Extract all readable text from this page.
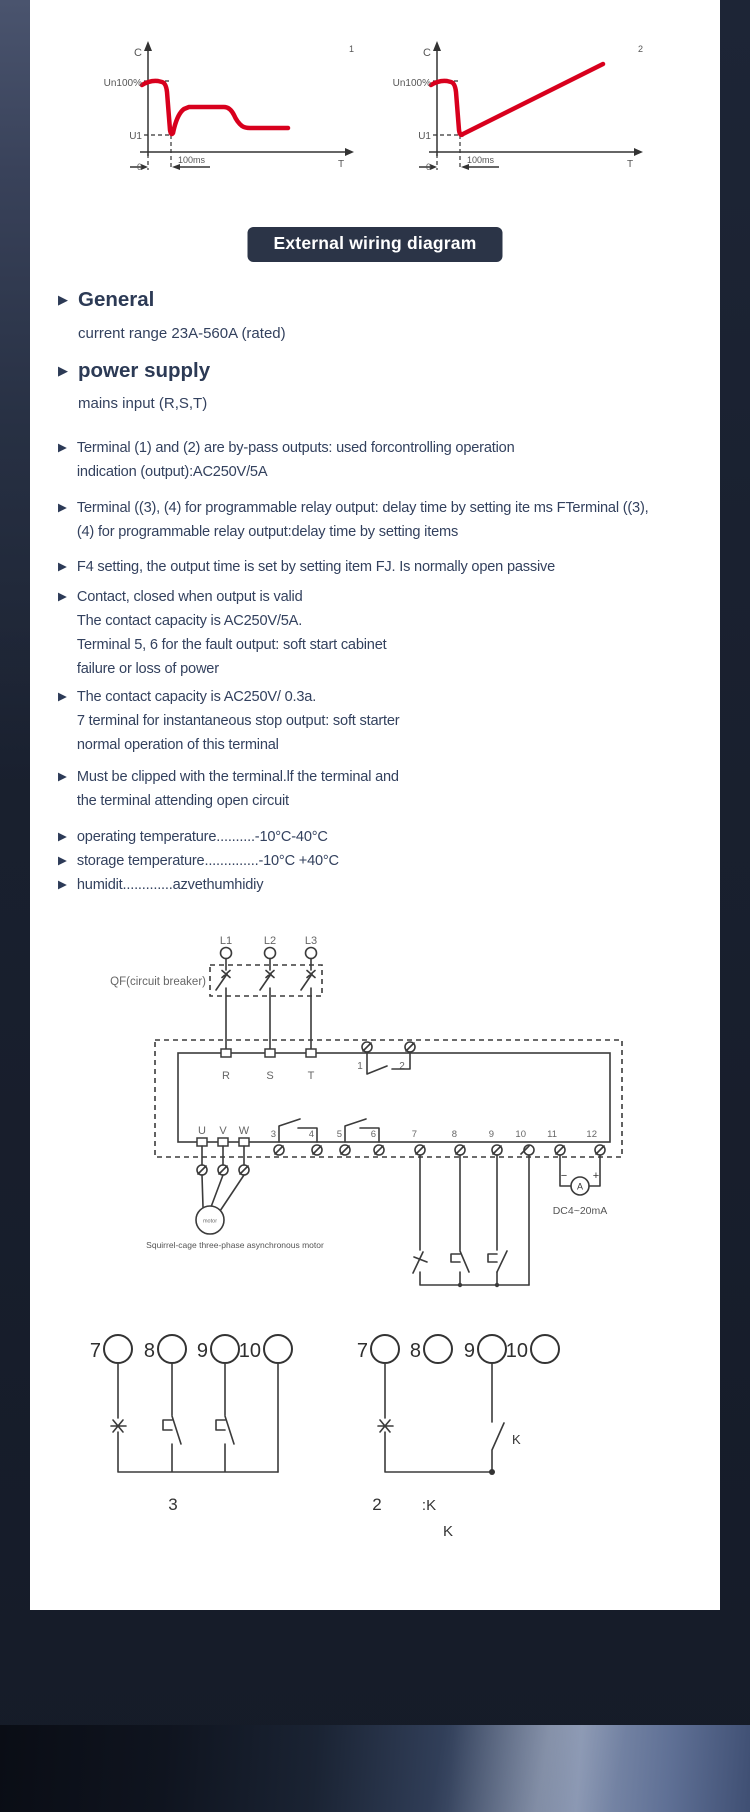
C
Un100%
U1
0
100ms	T
1	C
Un100%
U1
0
100ms	T
2
External wiring diagram
▶ General
current range 23A-560A (rated)
▶ power supply
mains input (R,S,T)
▶ Terminal (1) and (2) are by-pass outputs: used forcontrolling operation
indication (output):AC250V/5A
▶ Terminal ((3), (4) for programmable relay output: delay time by setting ite ms FTerminal ((3),
(4) for programmable relay output:delay time by setting items
▶ F4 setting, the output time is set by setting item FJ. Is normally open passive
▶ Contact, closed when output is valid
The contact capacity is AC250V/5A.
Terminal 5, 6 for the fault output: soft start cabinet
failure or loss of power
▶ The contact capacity is AC250V/ 0.3a.
7 terminal for instantaneous stop output: soft starter
normal operation of this terminal
▶ Must be clipped with the terminal.lf the terminal and
the terminal attending open circuit
▶ operating temperature..........-10°C-40°C
▶ storage temperature..............-10°C +40°C
▶ humidit.............azvethumhidiy
L1	L2	L3
QF(circuit breaker)
R	S	T
1	2
U V W 3	4 5	6	7	8	9 10 11	12
motor
Squirrel-cage three-phase asynchronous motor
A
− +
DC4~20mA
7 8 9 10
3
7 8 9 10
K
2	:K
K
